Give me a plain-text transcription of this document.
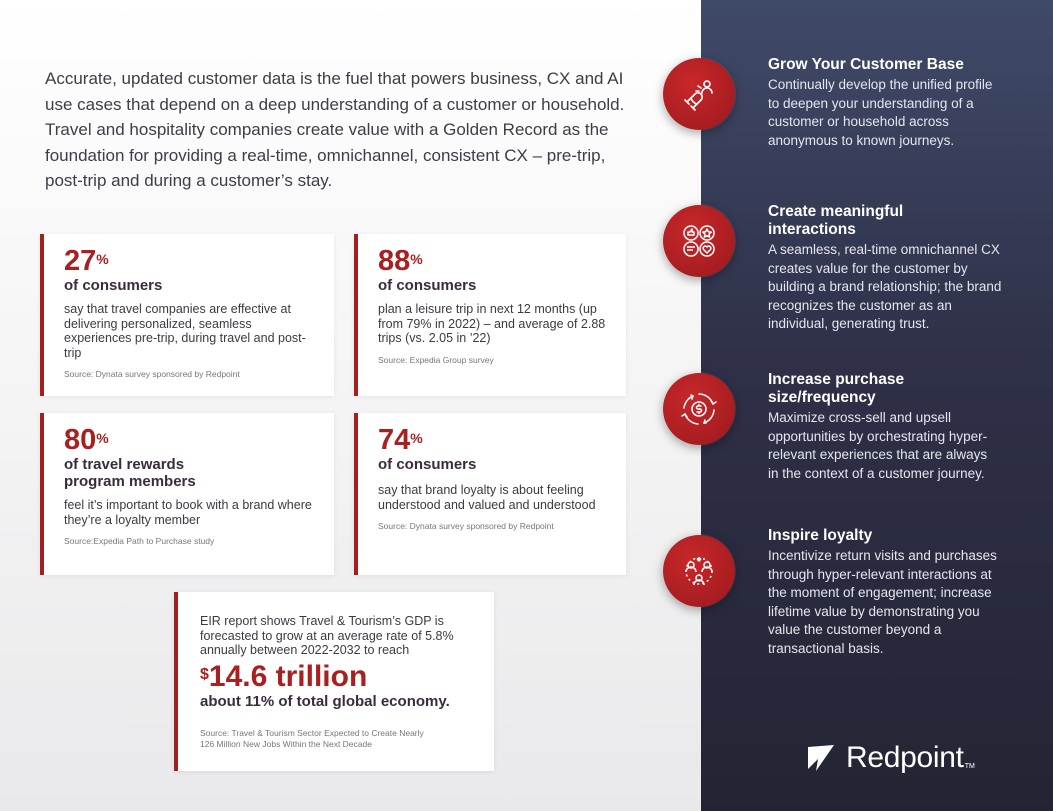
Accurate, updated customer data is the fuel that powers business, CX and AI use cases that depend on a deep understanding of a customer or household. Travel and hospitality companies create value with a Golden Record as the foundation for providing a real-time, omnichannel, consistent CX – pre-trip, post-trip and during a customer’s stay.

27%
of consumers
say that travel companies are effective at delivering personalized, seamless experiences pre-trip, during travel and post-trip
Source: Dynata survey sponsored by Redpoint
88%
of consumers
plan a leisure trip in next 12 months (up from 79% in 2022) – and average of 2.88 trips (vs. 2.05 in ’22)
Source: Expedia Group survey
80%
of travel rewards program members
feel it’s important to book with a brand where they’re a loyalty member
Source:Expedia Path to Purchase study
74%
of consumers
say that brand loyalty is about feeling understood and valued and understood
Source: Dynata survey sponsored by Redpoint
EIR report shows Travel & Tourism’s GDP is forecasted to grow at an average rate of 5.8% annually between 2022-2032 to reach
$14.6 trillion
about 11% of total global economy.
Source: Travel & Tourism Sector Expected to Create Nearly 126 Million New Jobs Within the Next Decade
Grow Your Customer Base
Continually develop the unified profile to deepen your understanding of a customer or household across anonymous to known journeys.
Create meaningful interactions
A seamless, real-time omnichannel CX creates value for the customer by building a brand relationship; the brand recognizes the customer as an individual, generating trust.
Increase purchase size/frequency
Maximize cross-sell and upsell opportunities by orchestrating hyper-relevant experiences that are always in the context of a customer journey.
Inspire loyalty
Incentivize return visits and purchases through hyper-relevant interactions at the moment of engagement; increase lifetime value by demonstrating you value the customer beyond a transactional basis.
Redpoint TM
